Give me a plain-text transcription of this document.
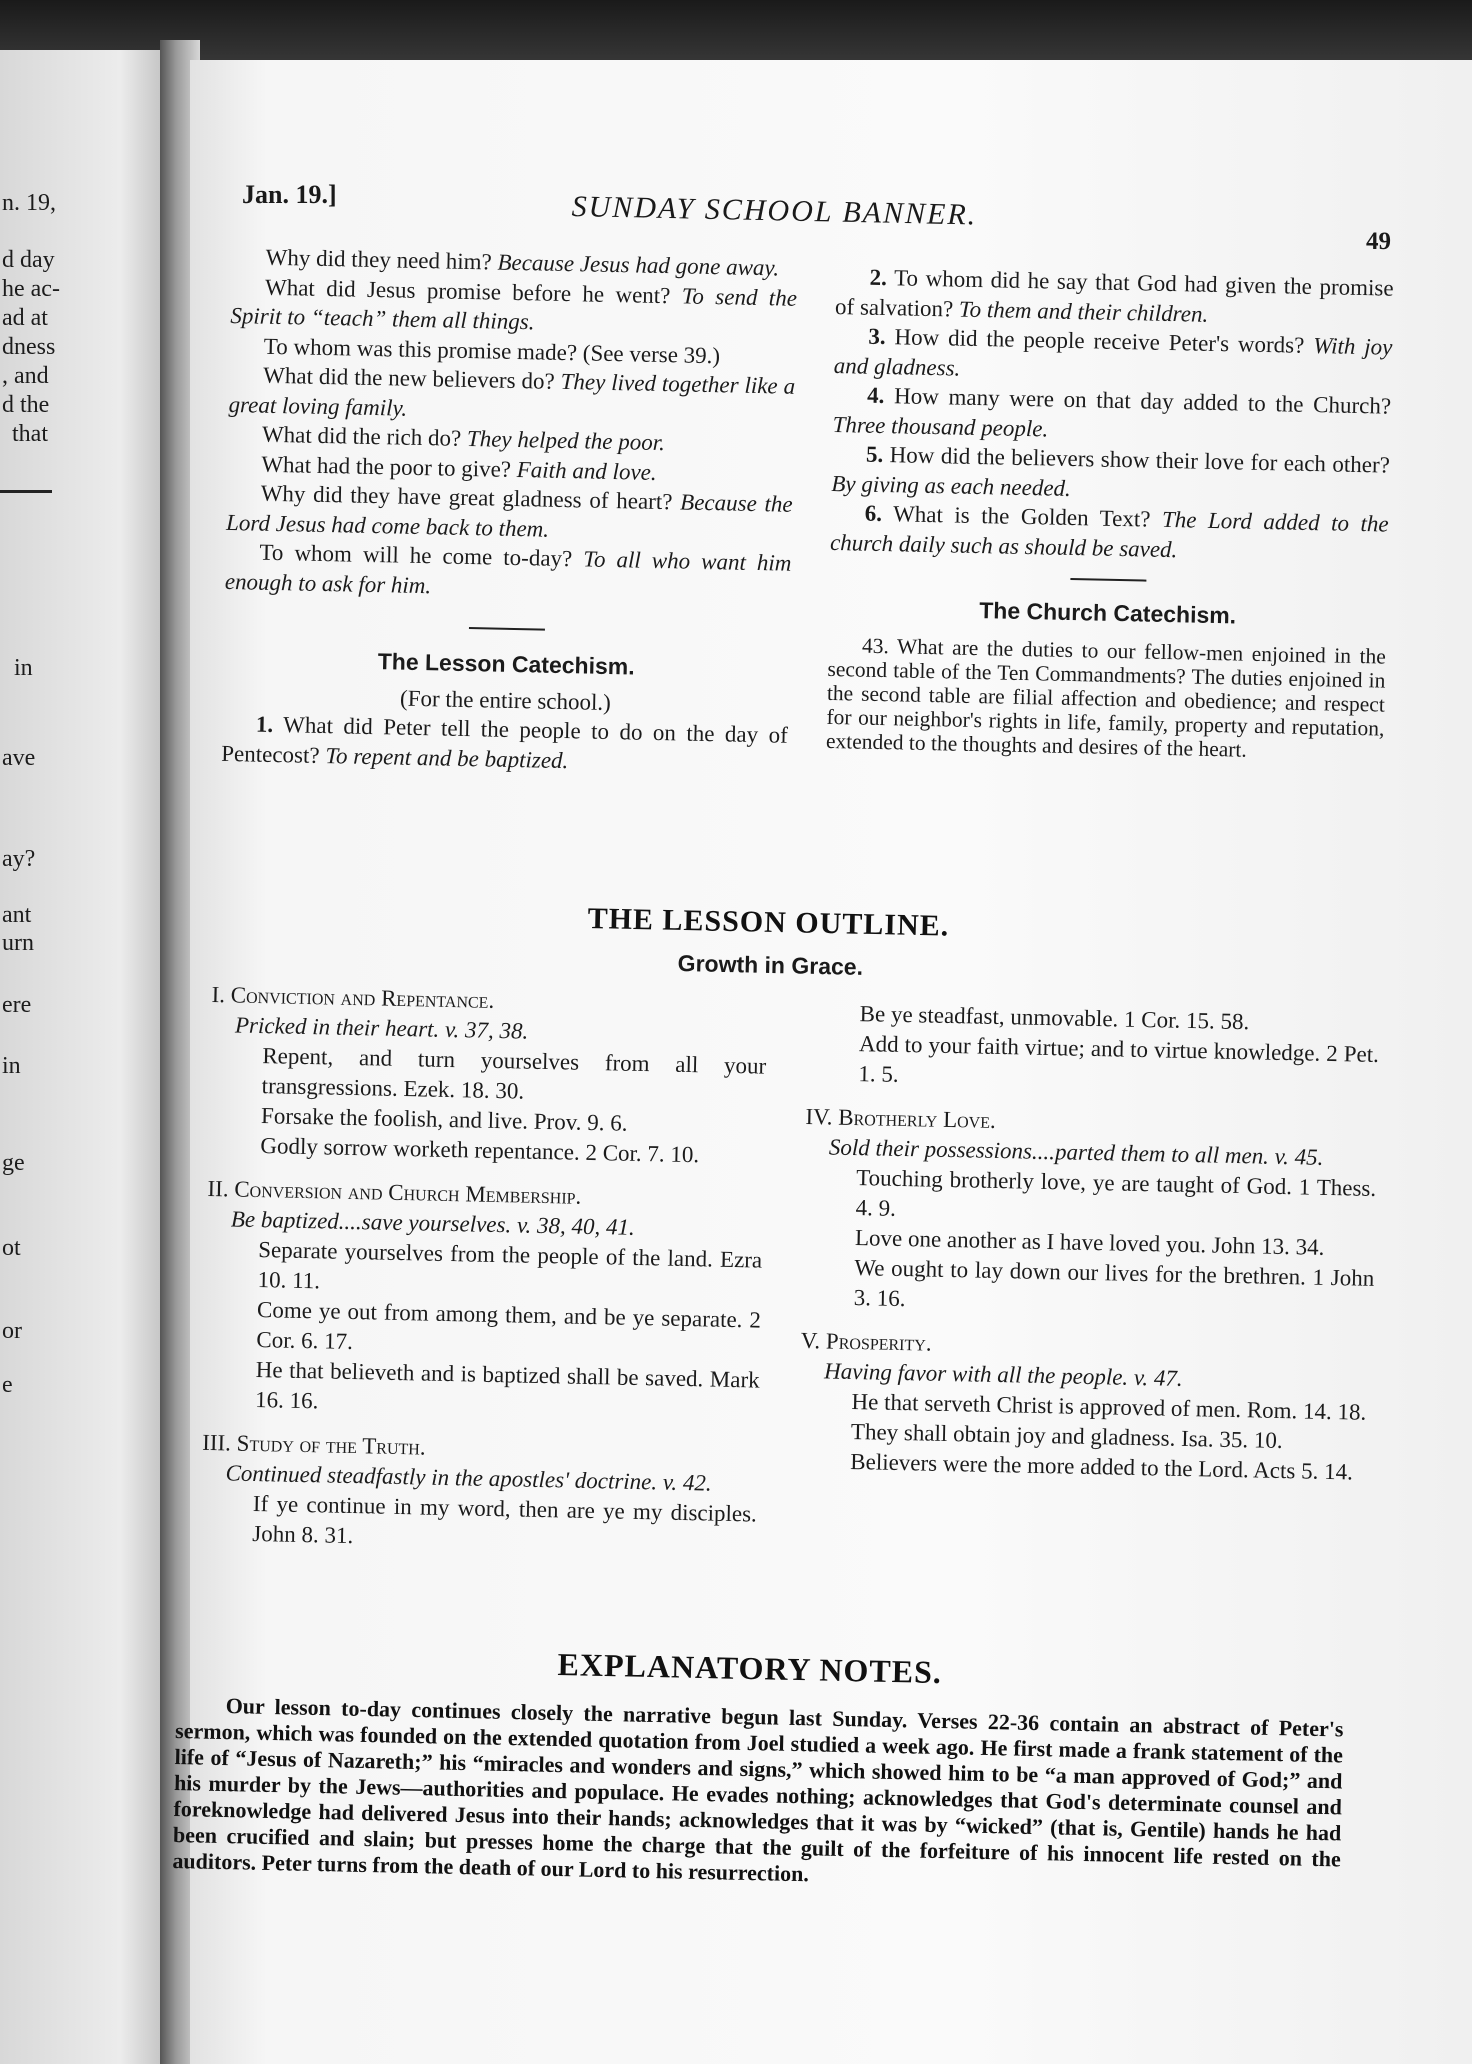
n. 19,
d day
he ac-
ad at
dness
, and
d the
that
in
ave
ay?
ant
urn
ere
in
ge
ot
or
e
Jan. 19.]	SUNDAY SCHOOL BANNER.
49

Why did they need him? Because Jesus had gone away.

What did Jesus promise before he went? To send the Spirit to “teach” them all things.

To whom was this promise made? (See verse 39.)

What did the new believers do? They lived together like a great loving family.

What did the rich do? They helped the poor.

What had the poor to give? Faith and love.

Why did they have great gladness of heart? Because the Lord Jesus had come back to them.

To whom will he come to-day? To all who want him enough to ask for him.

The Lesson Catechism.
(For the entire school.)

1. What did Peter tell the people to do on the day of Pentecost? To repent and be baptized.

2. To whom did he say that God had given the promise of salvation? To them and their children.

3. How did the people receive Peter's words? With joy and gladness.

4. How many were on that day added to the Church? Three thousand people.

5. How did the believers show their love for each other? By giving as each needed.

6. What is the Golden Text? The Lord added to the church daily such as should be saved.

The Church Catechism.

43. What are the duties to our fellow-men enjoined in the second table of the Ten Commandments? The duties enjoined in the second table are filial affection and obedience; and respect for our neighbor's rights in life, family, property and reputation, extended to the thoughts and desires of the heart.

THE LESSON OUTLINE.
Growth in Grace.

I. Conviction and Repentance.

Pricked in their heart. v. 37, 38.

Repent, and turn yourselves from all your transgressions. Ezek. 18. 30.

Forsake the foolish, and live. Prov. 9. 6.

Godly sorrow worketh repentance. 2 Cor. 7. 10.

II. Conversion and Church Membership.

Be baptized....save yourselves. v. 38, 40, 41.

Separate yourselves from the people of the land. Ezra 10. 11.

Come ye out from among them, and be ye separate. 2 Cor. 6. 17.

He that believeth and is baptized shall be saved. Mark 16. 16.

III. Study of the Truth.

Continued steadfastly in the apostles' doctrine. v. 42.

If ye continue in my word, then are ye my disciples. John 8. 31.

Be ye steadfast, unmovable. 1 Cor. 15. 58.

Add to your faith virtue; and to virtue knowledge. 2 Pet. 1. 5.

IV. Brotherly Love.

Sold their possessions....parted them to all men. v. 45.

Touching brotherly love, ye are taught of God. 1 Thess. 4. 9.

Love one another as I have loved you. John 13. 34.

We ought to lay down our lives for the brethren. 1 John 3. 16.

V. Prosperity.

Having favor with all the people. v. 47.

He that serveth Christ is approved of men. Rom. 14. 18.

They shall obtain joy and gladness. Isa. 35. 10.

Believers were the more added to the Lord. Acts 5. 14.

EXPLANATORY NOTES.

Our lesson to-day continues closely the narrative begun last Sunday. Verses 22-36 contain an abstract of Peter's sermon, which was founded on the extended quotation from Joel studied a week ago. He first made a frank statement of the life of “Jesus of Nazareth;” his “miracles and wonders and signs,” which showed him to be “a man approved of God;” and his murder by the Jews—authorities and populace. He evades nothing; acknowledges that God's determinate counsel and foreknowledge had delivered Jesus into their hands; acknowledges that it was by “wicked” (that is, Gentile) hands he had been crucified and slain; but presses home the charge that the guilt of the forfeiture of his innocent life rested on the auditors. Peter turns from the death of our Lord to his resurrection.
